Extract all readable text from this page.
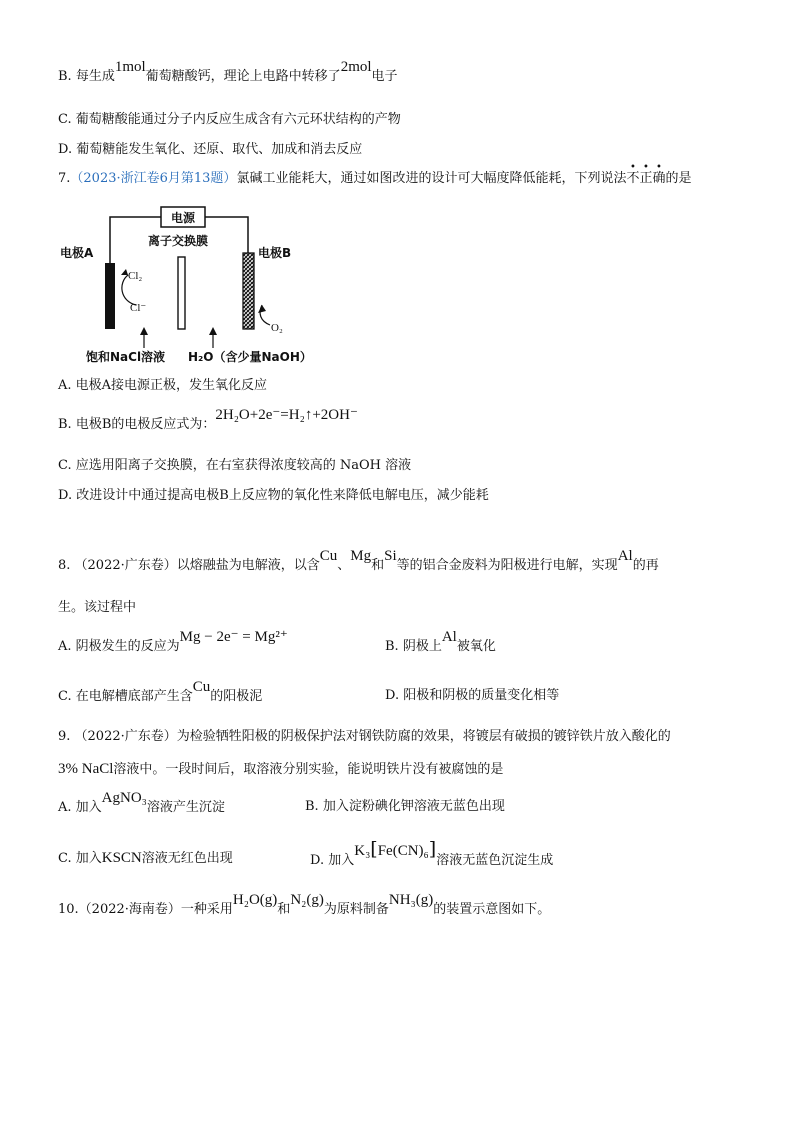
B. 每生成1mol葡萄糖酸钙，理论上电路中转移了2mol电子
C. 葡萄糖酸能通过分子内反应生成含有六元环状结构的产物
D. 葡萄糖能发生氧化、还原、取代、加成和消去反应
7.（2023·浙江卷6月第13题）氯碱工业能耗大，通过如图改进的设计可大幅度降低能耗，下列说法
•
不
•
正
•
确的是
电源
电极A
离子交换膜
电极B
Cl₂
Cl⁻
O₂
饱和NaCl溶液 H₂O（含少量NaOH）
A. 电极A接电源正极，发生氧化反应
B. 电极B的电极反应式为：2H₂O+2e⁻=H₂↑+2OH⁻
C. 应选用阳离子交换膜，在右室获得浓度较高的 NaOH 溶液
D. 改进设计中通过提高电极B上反应物的氧化性来降低电解电压，减少能耗
8. （2022·广东卷）以熔融盐为电解液，以含Cu、Mg和Si等的铝合金废料为阳极进行电解，实现Al的再
生。该过程中
A. 阴极发生的反应为Mg − 2e⁻ = Mg²⁺
B. 阴极上Al被氧化
C. 在电解槽底部产生含Cu的阳极泥	D. 阳极和阴极的质量变化相等
9. （2022·广东卷）为检验牺牲阳极的阴极保护法对钢铁防腐的效果，将镀层有破损的镀锌铁片放入酸化的
3% NaCl溶液中。一段时间后，取溶液分别实验，能说明铁片没有被腐蚀的是
A. 加入AgNO₃溶液产生沉淀	B. 加入淀粉碘化钾溶液无蓝色出现
C. 加入KSCN溶液无红色出现	D. 加入K₃[Fe(CN)₆]溶液无蓝色沉淀生成
10.（2022·海南卷）一种采用H₂O(g)和N₂(g)为原料制备NH₃(g)的装置示意图如下。
